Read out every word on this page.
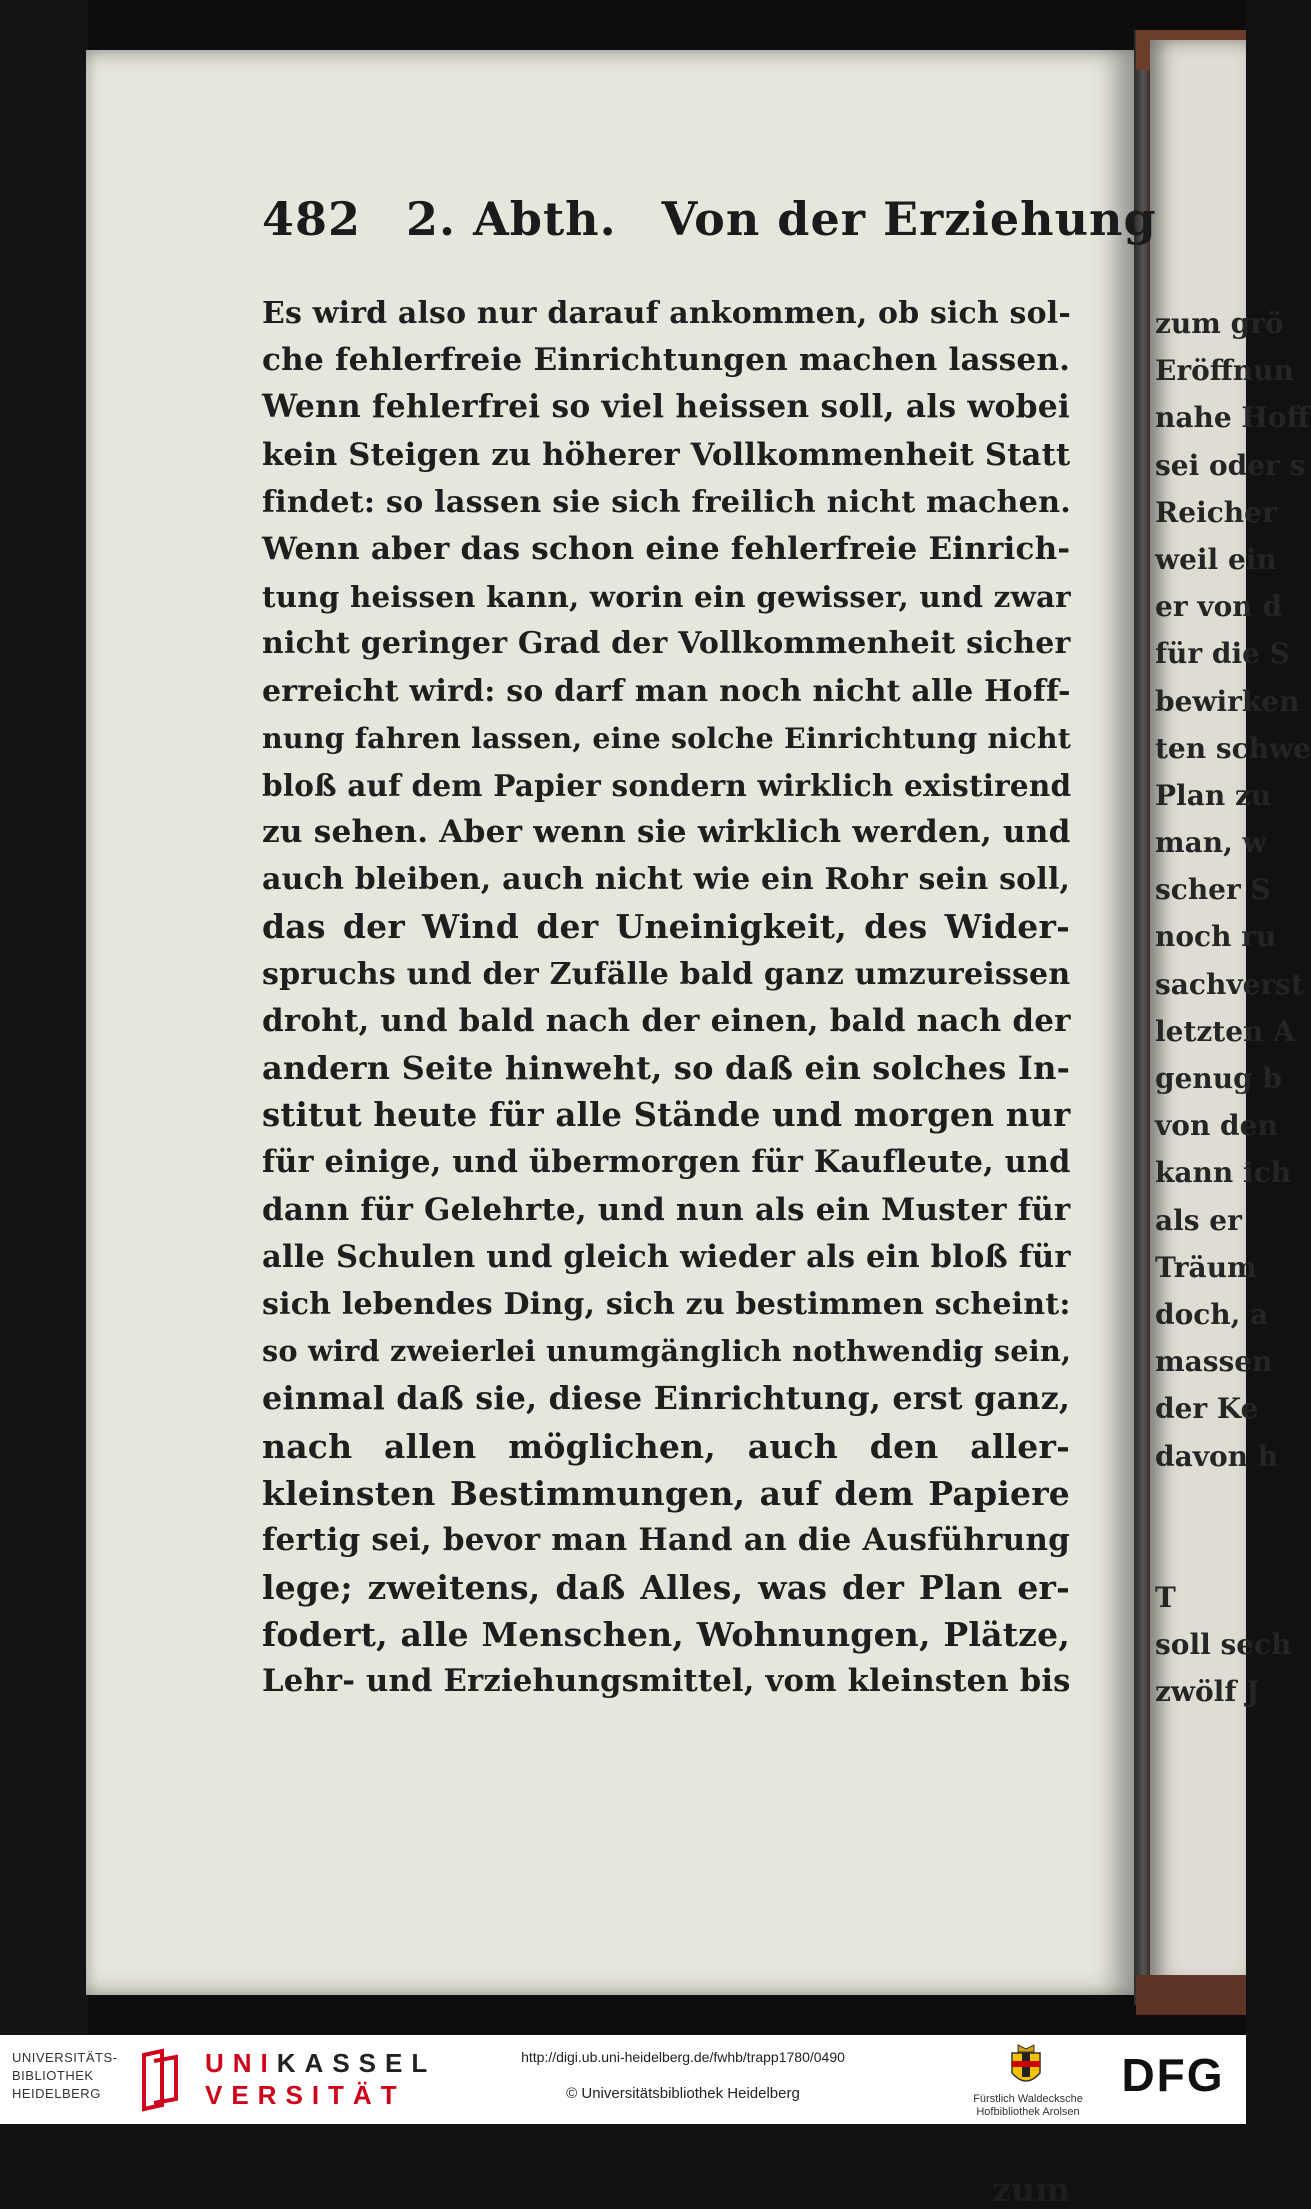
482 2. Abth. Von der Erziehung
Es wird also nur darauf ankommen, ob sich sol-
che fehlerfreie Einrichtungen machen lassen.
Wenn fehlerfrei so viel heissen soll, als wobei
kein Steigen zu höherer Vollkommenheit Statt
findet: so lassen sie sich freilich nicht machen.
Wenn aber das schon eine fehlerfreie Einrich-
tung heissen kann, worin ein gewisser, und zwar
nicht geringer Grad der Vollkommenheit sicher
erreicht wird: so darf man noch nicht alle Hoff-
nung fahren lassen, eine solche Einrichtung nicht
bloß auf dem Papier sondern wirklich existirend
zu sehen. Aber wenn sie wirklich werden, und
auch bleiben, auch nicht wie ein Rohr sein soll,
das der Wind der Uneinigkeit, des Wider-
spruchs und der Zufälle bald ganz umzureissen
droht, und bald nach der einen, bald nach der
andern Seite hinweht, so daß ein solches In-
stitut heute für alle Stände und morgen nur
für einige, und übermorgen für Kaufleute, und
dann für Gelehrte, und nun als ein Muster für
alle Schulen und gleich wieder als ein bloß für
sich lebendes Ding, sich zu bestimmen scheint:
so wird zweierlei unumgänglich nothwendig sein,
einmal daß sie, diese Einrichtung, erst ganz,
nach allen möglichen, auch den aller-
kleinsten Bestimmungen, auf dem Papiere
fertig sei, bevor man Hand an die Ausführung
lege; zweitens, daß Alles, was der Plan er-
fodert, alle Menschen, Wohnungen, Plätze,
Lehr- und Erziehungsmittel, vom kleinsten bis
zum
zum grö
Eröffnun
nahe Hoff
sei oder s
Reicher
weil ein
er von d
für die S
bewirken
ten schwe
Plan zu
man, w
scher S
noch ru
sachverst
letzten A
genug b
von den
kann ich
als er
Träum
doch, a
massen
der Ke
davon h
T
soll sech
zwölf J
UNIVERSITÄTS-
BIBLIOTHEK
HEIDELBERG
UNIKASSEL
VERSITÄT
http://digi.ub.uni-heidelberg.de/fwhb/trapp1780/0490
© Universitätsbibliothek Heidelberg	Fürstlich Waldecksche
Hofbibliothek Arolsen
DFG
